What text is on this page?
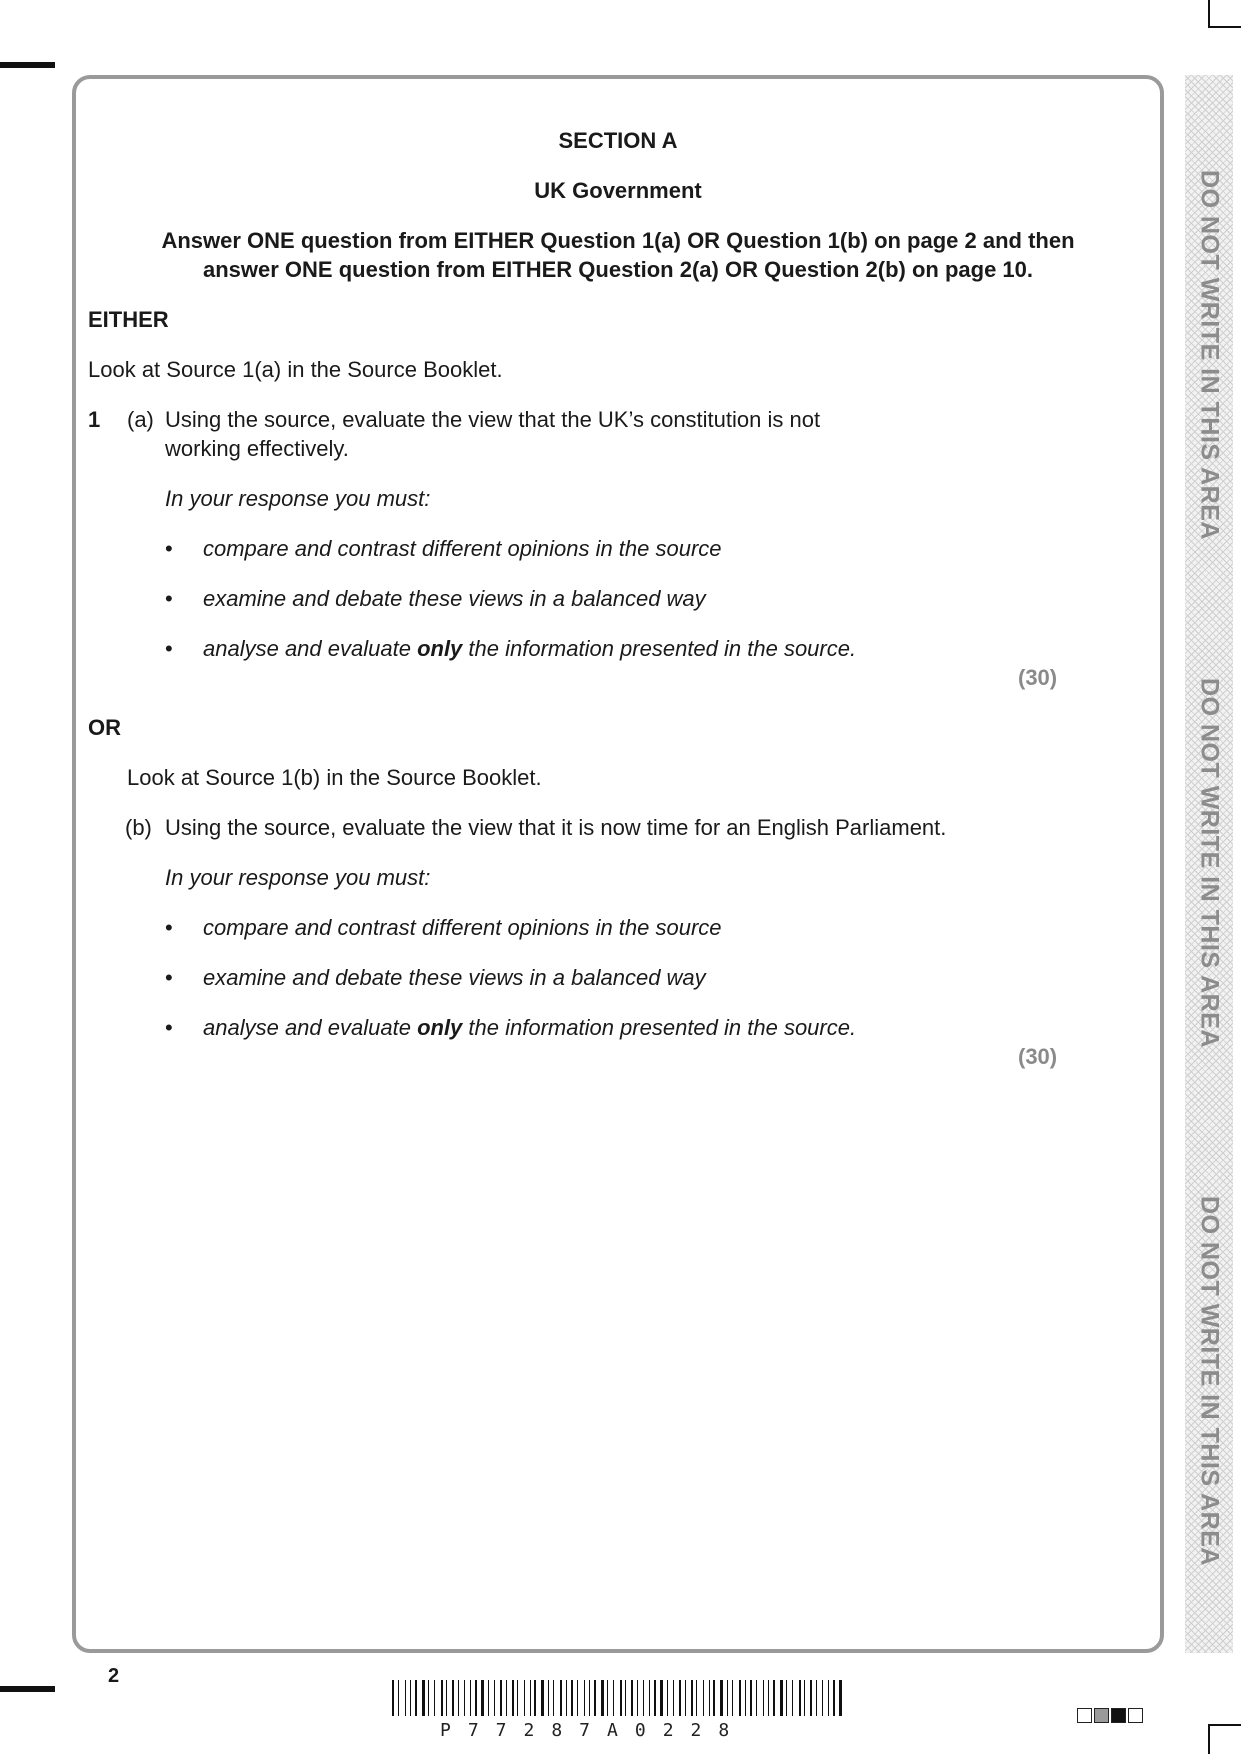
SECTION A
UK Government
Answer ONE question from EITHER Question 1(a) OR Question 1(b) on page 2 and then
answer ONE question from EITHER Question 2(a) OR Question 2(b) on page 10.
EITHER
Look at Source 1(a) in the Source Booklet.
1 (a) Using the source, evaluate the view that the UK’s constitution is not
working effectively.
In your response you must:
• compare and contrast different opinions in the source
• examine and debate these views in a balanced way
• analyse and evaluate only the information presented in the source.
(30)
OR
Look at Source 1(b) in the Source Booklet.
(b) Using the source, evaluate the view that it is now time for an English Parliament.
In your response you must:
• compare and contrast different opinions in the source
• examine and debate these views in a balanced way
• analyse and evaluate only the information presented in the source.
(30)
DO NOT WRITE IN THIS AREA
DO NOT WRITE IN THIS AREA
DO NOT WRITE IN THIS AREA
2
P77287A0228
